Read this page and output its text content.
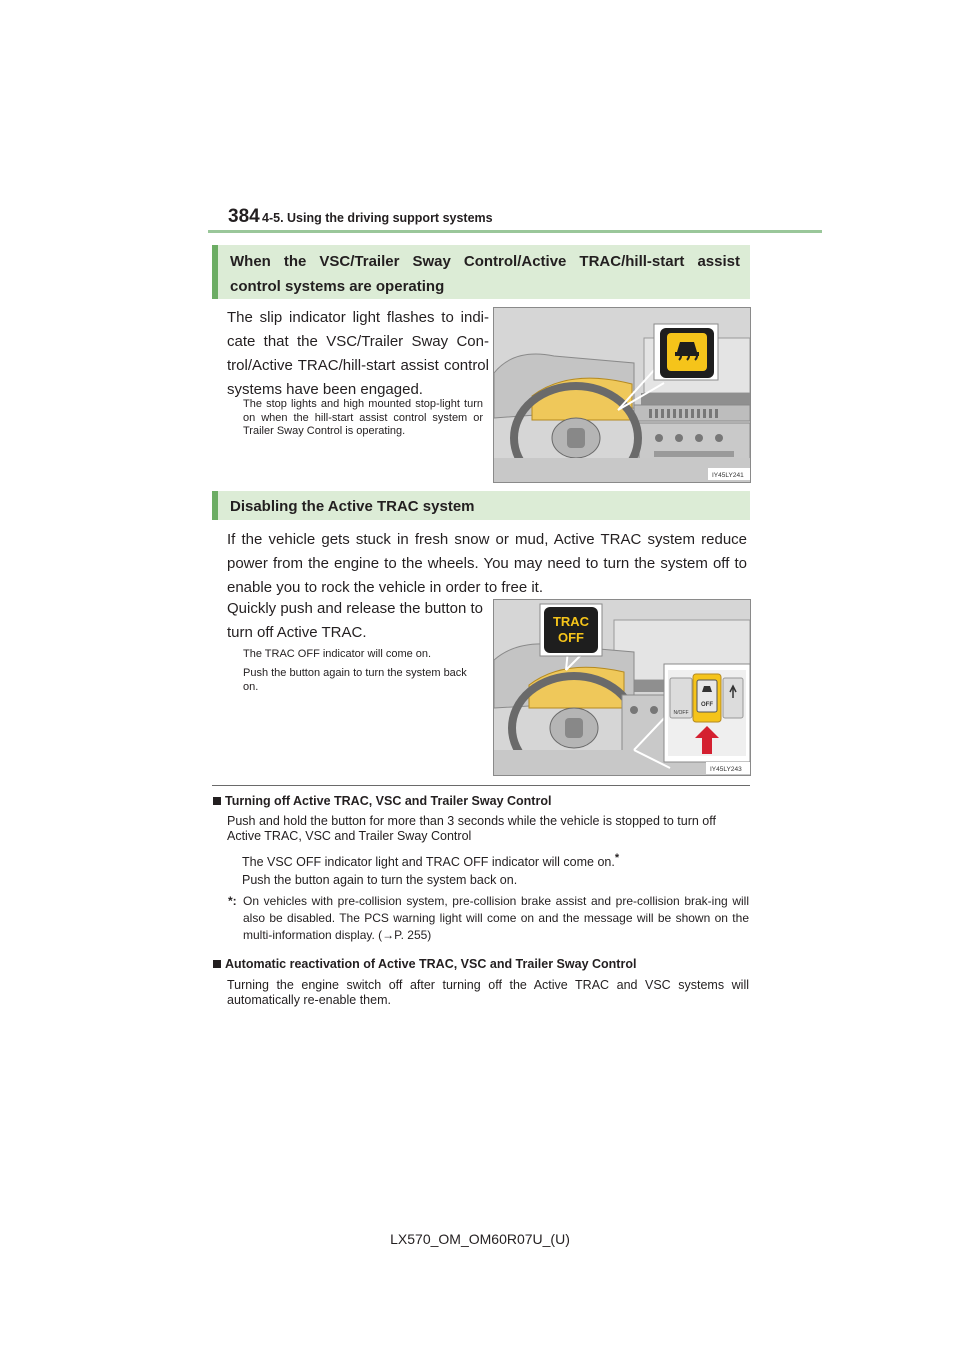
384 4-5. Using the driving support systems
When the VSC/Trailer Sway Control/Active TRAC/hill-start assist control systems are operating
The slip indicator light flashes to indi-cate that the VSC/Trailer Sway Con-trol/Active TRAC/hill-start assist control systems have been engaged.
The stop lights and high mounted stop-light turn on when the hill-start assist control system or Trailer Sway Control is operating.
IY45LY241
Disabling the Active TRAC system
If the vehicle gets stuck in fresh snow or mud, Active TRAC system reduce power from the engine to the wheels. You may need to turn the system off to enable you to rock the vehicle in order to free it.
Quickly push and release the button to turn off Active TRAC.
The TRAC OFF indicator will come on.
Push the button again to turn the system back on.
TRAC
OFF
N/OFF
OFF
IY45LY243
Turning off Active TRAC, VSC and Trailer Sway Control
Push and hold the button for more than 3 seconds while the vehicle is stopped to turn off Active TRAC, VSC and Trailer Sway Control
The VSC OFF indicator light and TRAC OFF indicator will come on.*
Push the button again to turn the system back on.
*: On vehicles with pre-collision system, pre-collision brake assist and pre-collision brak-ing will also be disabled. The PCS warning light will come on and the message will be shown on the multi-information display. (→P. 255)
Automatic reactivation of Active TRAC, VSC and Trailer Sway Control
Turning the engine switch off after turning off the Active TRAC and VSC systems will automatically re-enable them.
LX570_OM_OM60R07U_(U)
